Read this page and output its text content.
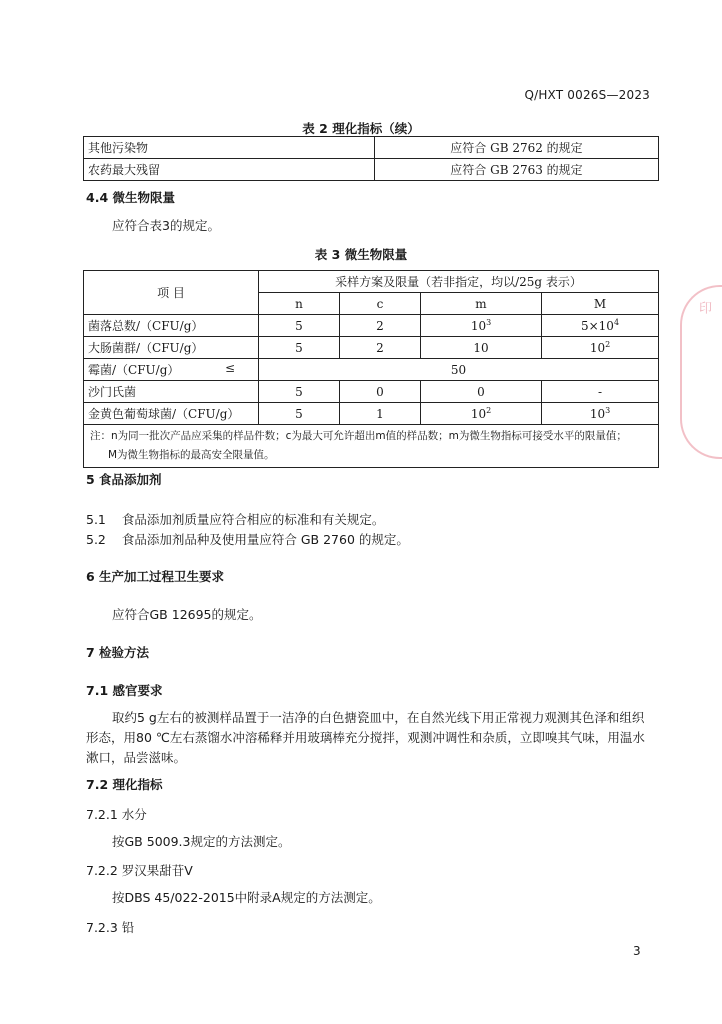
Q/HXT 0026S—2023
表 2 理化指标（续）
其他污染物	应符合 GB 2762 的规定
农药最大残留	应符合 GB 2763 的规定
4.4 微生物限量
应符合表3的规定。
表 3 微生物限量
项 目	采样方案及限量（若非指定，均以/25g 表示）			
	n	c	m	M
菌落总数/（CFU/g）	5	2	$10^3$	$5\times 10^4$
大肠菌群/（CFU/g）	5	2	10	$10^2$
霉菌/（CFU/g）	≤ 50			
沙门氏菌	5	0	0	-
金黄色葡萄球菌/（CFU/g）	5	1	$10^2$	$10^3$

注：n为同一批次产品应采集的样品件数；c为最大可允许超出m值的样品数；m为微生物指标可接受水平的限量值；
M为微生物指标的最高安全限量值。				
5 食品添加剂
5.1 食品添加剂质量应符合相应的标准和有关规定。
5.2 食品添加剂品种及使用量应符合 GB 2760 的规定。
6 生产加工过程卫生要求
应符合GB 12695的规定。
7 检验方法
7.1 感官要求
取约5 g左右的被测样品置于一洁净的白色搪瓷皿中，在自然光线下用正常视力观测其色泽和组织
形态，用80 ℃左右蒸馏水冲溶稀释并用玻璃棒充分搅拌，观测冲调性和杂质，立即嗅其气味，用温水
漱口，品尝滋味。
7.2 理化指标
7.2.1 水分
按GB 5009.3规定的方法测定。
7.2.2 罗汉果甜苷Ⅴ
按DBS 45/022-2015中附录A规定的方法测定。
7.2.3 铅
3
印
